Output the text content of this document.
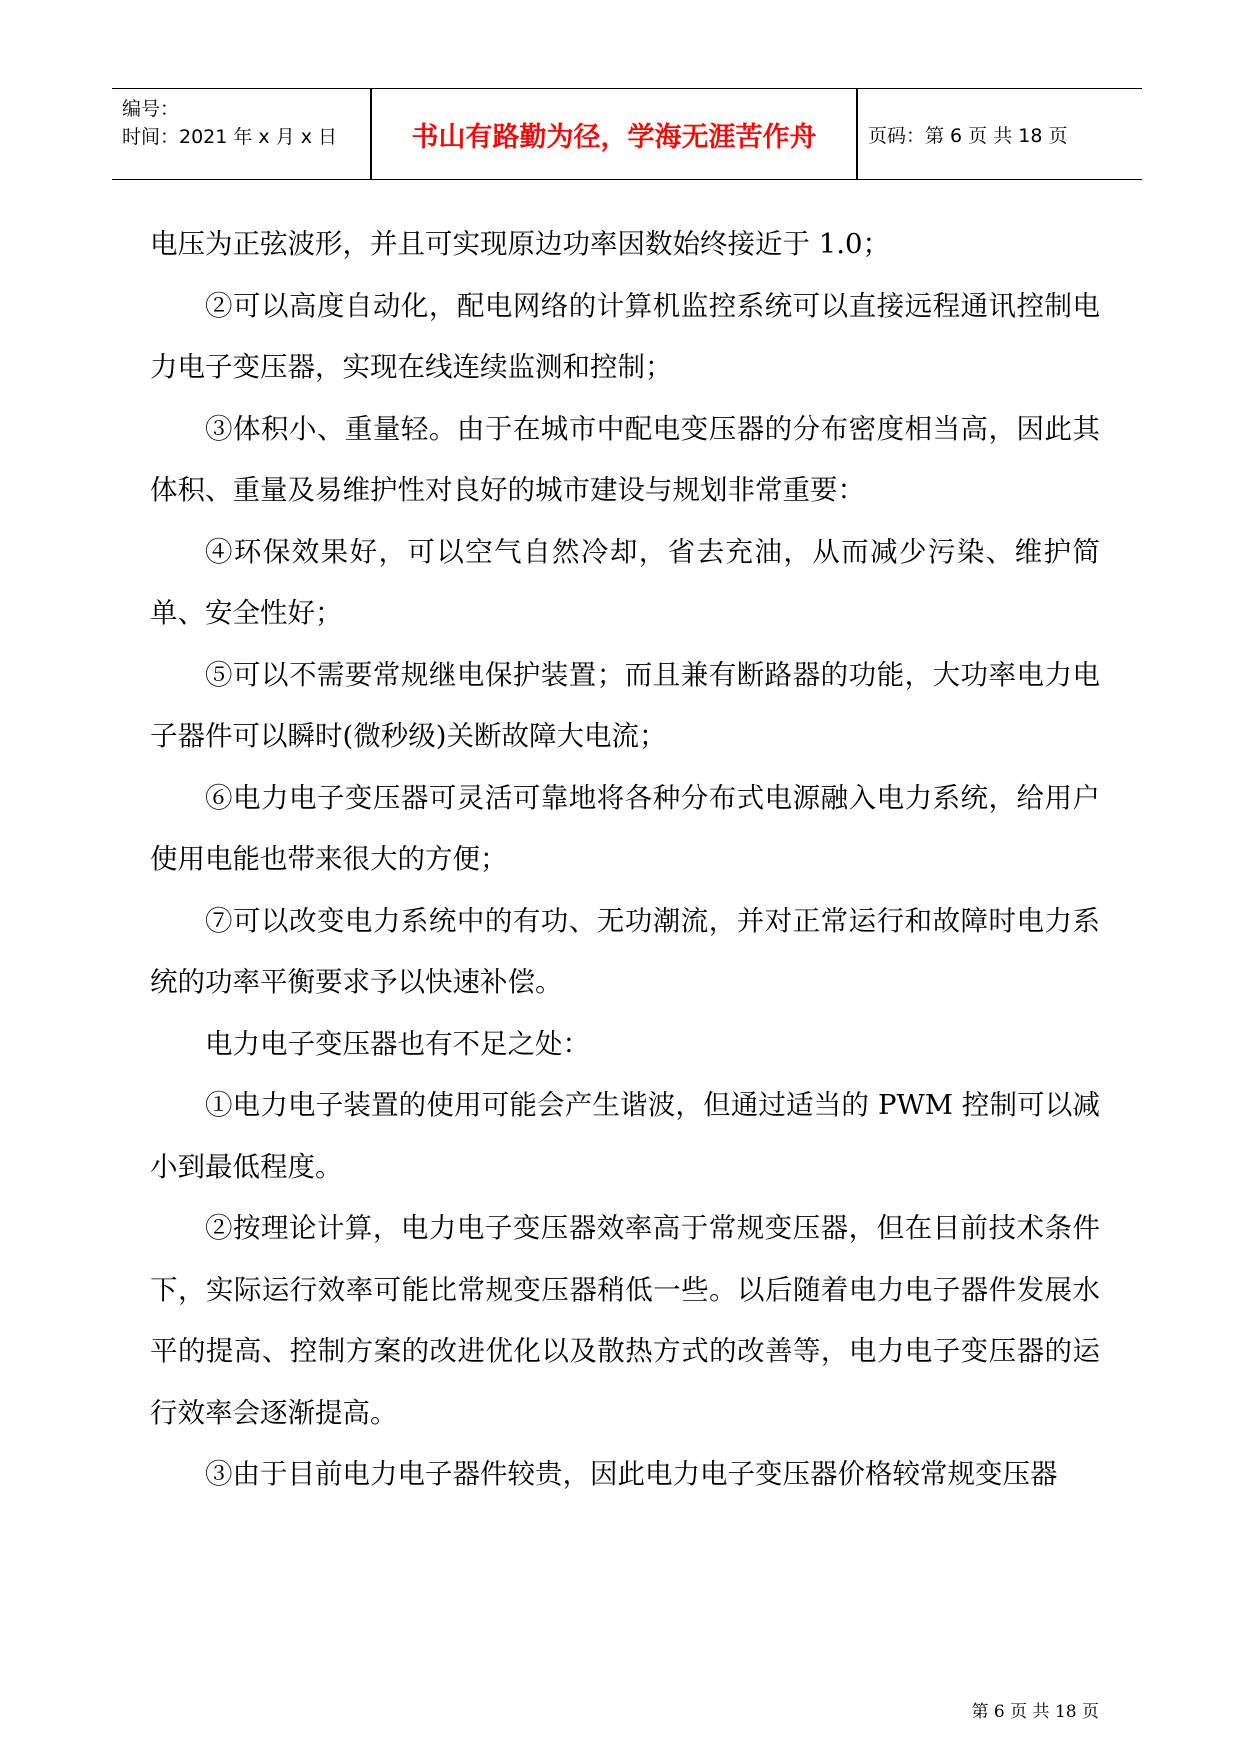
编号：
时间：2021 年 x 月 x 日	书山有路勤为径，学海无涯苦作舟	页码：第 6 页 共 18 页

电压为正弦波形，并且可实现原边功率因数始终接近于 1.0；

②可以高度自动化，配电网络的计算机监控系统可以直接远程通讯控制电力电子变压器，实现在线连续监测和控制；

③体积小、重量轻。由于在城市中配电变压器的分布密度相当高，因此其体积、重量及易维护性对良好的城市建设与规划非常重要：

④环保效果好，可以空气自然冷却，省去充油，从而减少污染、维护简单、安全性好；

⑤可以不需要常规继电保护装置；而且兼有断路器的功能，大功率电力电子器件可以瞬时(微秒级)关断故障大电流；

⑥电力电子变压器可灵活可靠地将各种分布式电源融入电力系统，给用户使用电能也带来很大的方便；

⑦可以改变电力系统中的有功、无功潮流，并对正常运行和故障时电力系统的功率平衡要求予以快速补偿。

电力电子变压器也有不足之处：

①电力电子装置的使用可能会产生谐波，但通过适当的 PWM 控制可以减小到最低程度。

②按理论计算，电力电子变压器效率高于常规变压器，但在目前技术条件下，实际运行效率可能比常规变压器稍低一些。以后随着电力电子器件发展水平的提高、控制方案的改进优化以及散热方式的改善等，电力电子变压器的运行效率会逐渐提高。

③由于目前电力电子器件较贵，因此电力电子变压器价格较常规变压器

第 6 页 共 18 页
